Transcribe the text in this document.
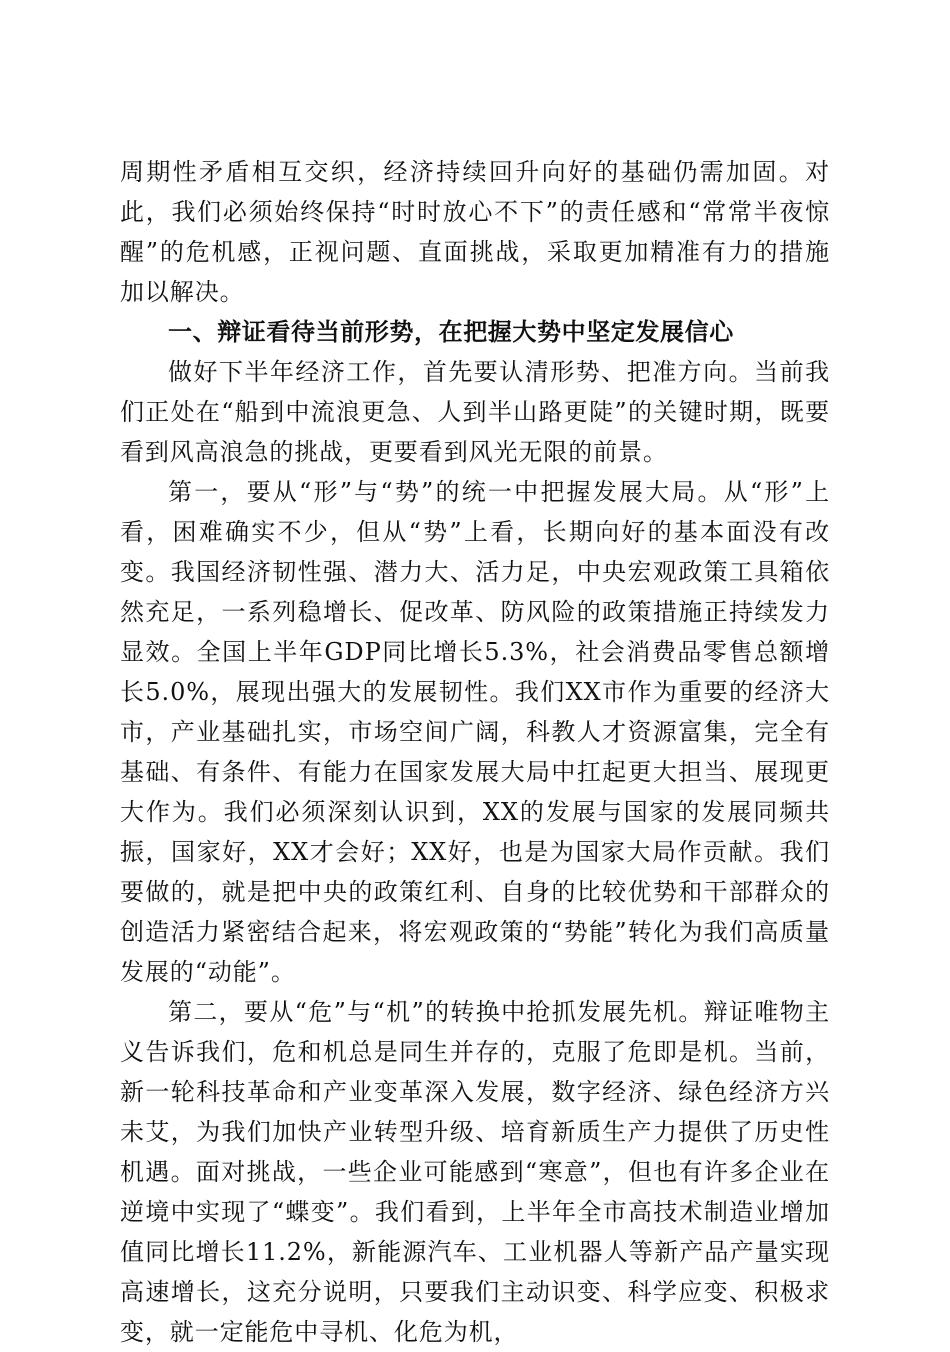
周期性矛盾相互交织，经济持续回升向好的基础仍需加固。对此，我们必须始终保持“时时放心不下”的责任感和“常常半夜惊醒”的危机感，正视问题、直面挑战，采取更加精准有力的措施加以解决。

一、辩证看待当前形势，在把握大势中坚定发展信心

做好下半年经济工作，首先要认清形势、把准方向。当前我们正处在“船到中流浪更急、人到半山路更陡”的关键时期，既要看到风高浪急的挑战，更要看到风光无限的前景。

第一，要从“形”与“势”的统一中把握发展大局。从“形”上看，困难确实不少，但从“势”上看，长期向好的基本面没有改变。我国经济韧性强、潜力大、活力足，中央宏观政策工具箱依然充足，一系列稳增长、促改革、防风险的政策措施正持续发力显效。全国上半年GDP同比增长5.3%，社会消费品零售总额增长5.0%，展现出强大的发展韧性。我们XX市作为重要的经济大市，产业基础扎实，市场空间广阔，科教人才资源富集，完全有基础、有条件、有能力在国家发展大局中扛起更大担当、展现更大作为。我们必须深刻认识到，XX的发展与国家的发展同频共振，国家好，XX才会好；XX好，也是为国家大局作贡献。我们要做的，就是把中央的政策红利、自身的比较优势和干部群众的创造活力紧密结合起来，将宏观政策的“势能”转化为我们高质量发展的“动能”。

第二，要从“危”与“机”的转换中抢抓发展先机。辩证唯物主义告诉我们，危和机总是同生并存的，克服了危即是机。当前，新一轮科技革命和产业变革深入发展，数字经济、绿色经济方兴未艾，为我们加快产业转型升级、培育新质生产力提供了历史性机遇。面对挑战，一些企业可能感到“寒意”，但也有许多企业在逆境中实现了“蝶变”。我们看到，上半年全市高技术制造业增加值同比增长11.2%，新能源汽车、工业机器人等新产品产量实现高速增长，这充分说明，只要我们主动识变、科学应变、积极求变，就一定能危中寻机、化危为机，
